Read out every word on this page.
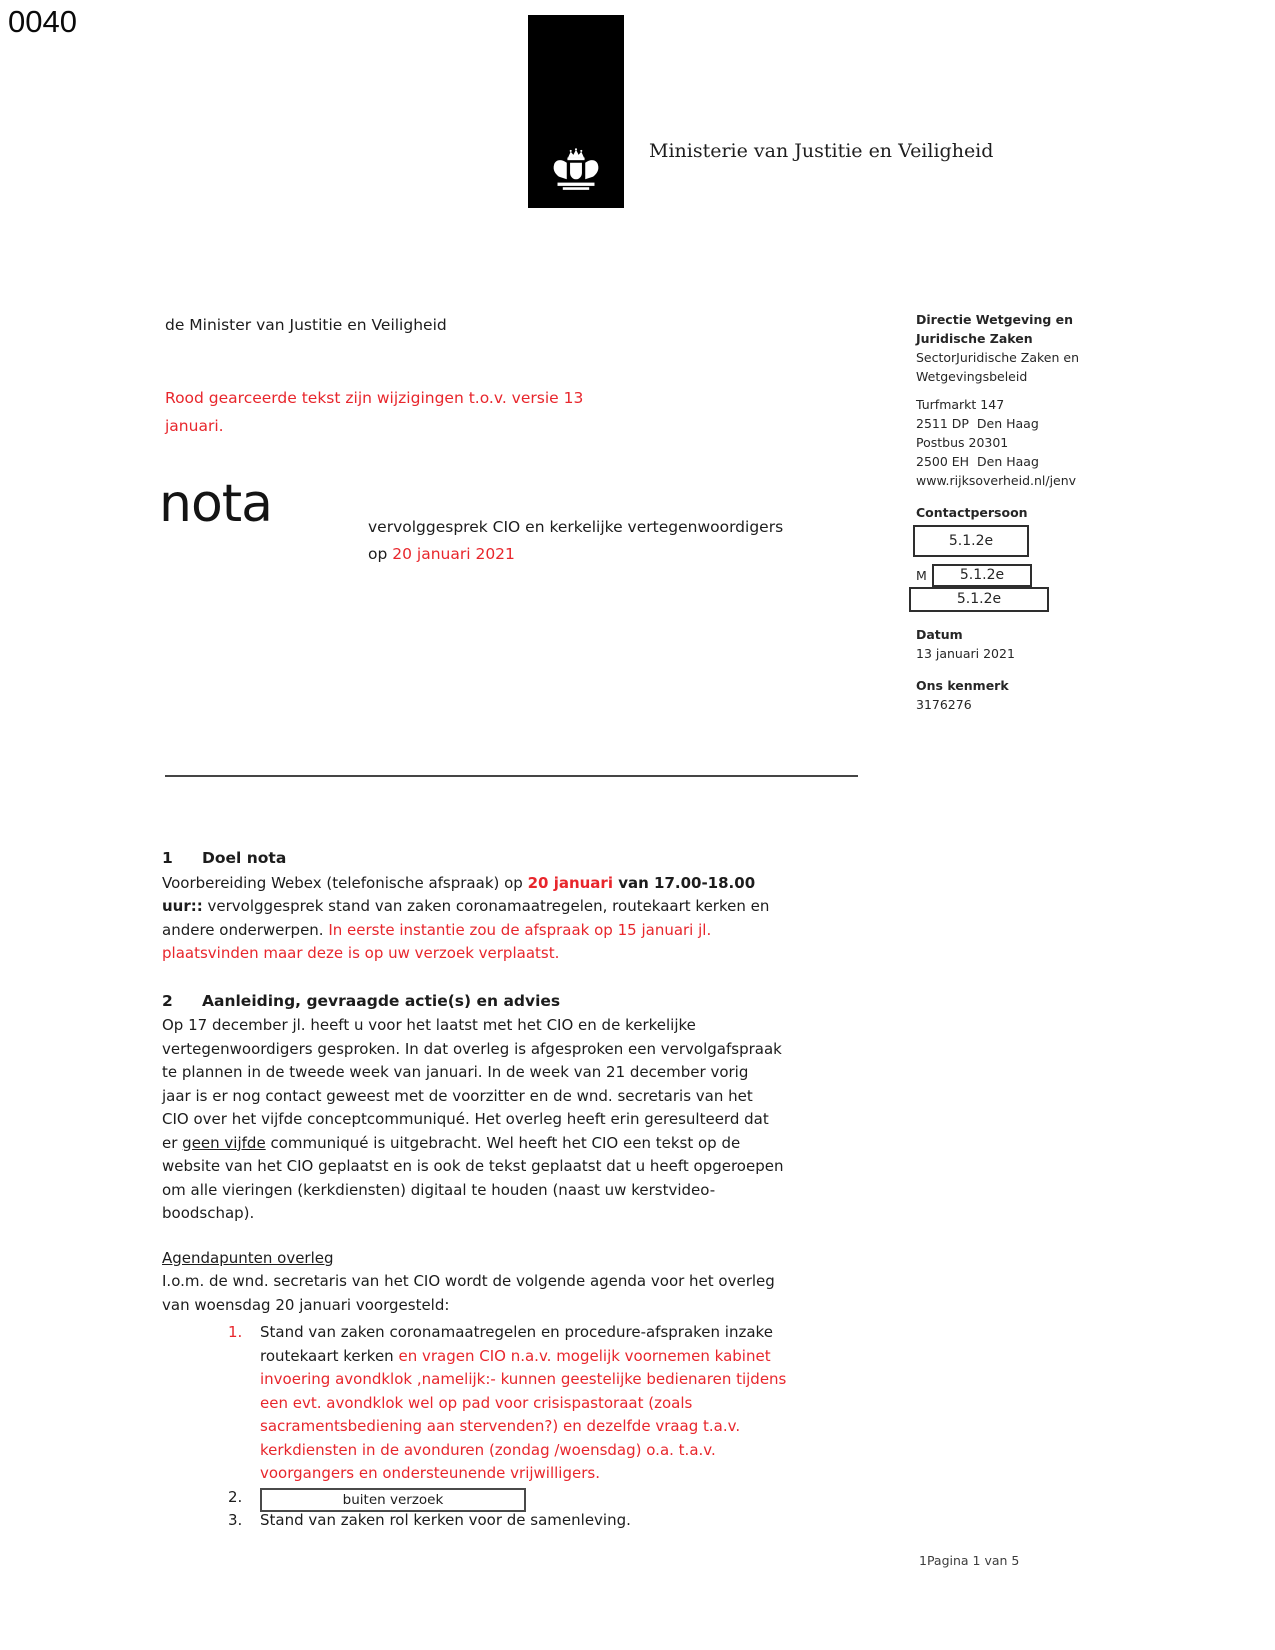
0040
Ministerie van Justitie en Veiligheid
de Minister van Justitie en Veiligheid
Rood gearceerde tekst zijn wijzigingen t.o.v. versie 13
januari.
nota	vervolggesprek CIO en kerkelijke vertegenwoordigers
op 20 januari 2021
Directie Wetgeving en
Juridische Zaken
SectorJuridische Zaken en
Wetgevingsbeleid
Turfmarkt 147
2511 DP  Den Haag
Postbus 20301
2500 EH  Den Haag
www.rijksoverheid.nl/jenv
Contactpersoon
5.1.2e
M	5.1.2e
5.1.2e
Datum
13 januari 2021
Ons kenmerk
3176276
1	Doel nota

Voorbereiding Webex (telefonische afspraak) op 20 januari van 17.00-18.00
uur:: vervolggesprek stand van zaken coronamaatregelen, routekaart kerken en
andere onderwerpen. In eerste instantie zou de afspraak op 15 januari jl.
plaatsvinden maar deze is op uw verzoek verplaatst.

2	Aanleiding, gevraagde actie(s) en advies

Op 17 december jl. heeft u voor het laatst met het CIO en de kerkelijke
vertegenwoordigers gesproken. In dat overleg is afgesproken een vervolgafspraak
te plannen in de tweede week van januari. In de week van 21 december vorig
jaar is er nog contact geweest met de voorzitter en de wnd. secretaris van het
CIO over het vijfde conceptcommuniqué. Het overleg heeft erin geresulteerd dat
er geen vijfde communiqué is uitgebracht. Wel heeft het CIO een tekst op de
website van het CIO geplaatst en is ook de tekst geplaatst dat u heeft opgeroepen
om alle vieringen (kerkdiensten) digitaal te houden (naast uw kerstvideo-
boodschap).

Agendapunten overleg

I.o.m. de wnd. secretaris van het CIO wordt de volgende agenda voor het overleg
van woensdag 20 januari voorgesteld:

1.	Stand van zaken coronamaatregelen en procedure-afspraken inzake
routekaart kerken en vragen CIO n.a.v. mogelijk voornemen kabinet
invoering avondklok ,namelijk:- kunnen geestelijke bedienaren tijdens
een evt. avondklok wel op pad voor crisispastoraat (zoals
sacramentsbediening aan stervenden?) en dezelfde vraag t.a.v.
kerkdiensten in de avonduren (zondag /woensdag) o.a. t.a.v.
voorgangers en ondersteunende vrijwilligers.
2.	buiten verzoek
3.	Stand van zaken rol kerken voor de samenleving.
1Pagina 1 van 5
